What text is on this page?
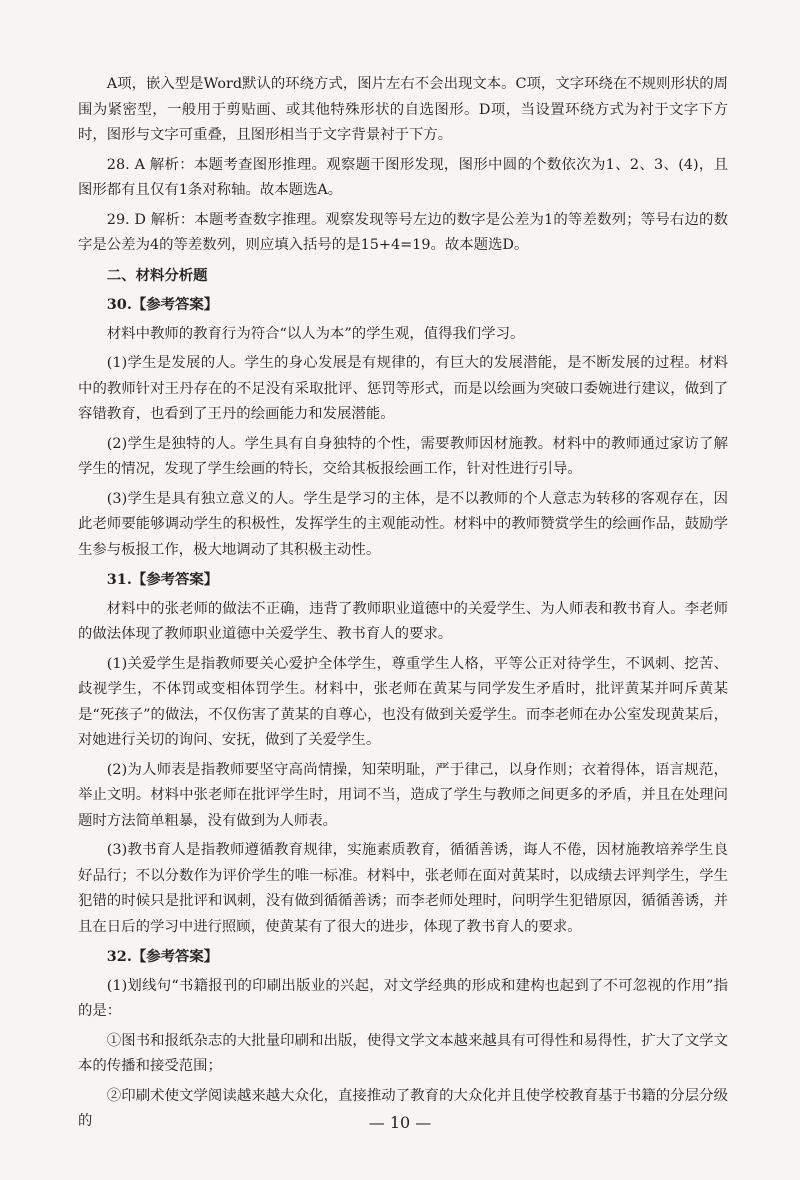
A项，嵌入型是Word默认的环绕方式，图片左右不会出现文本。C项，文字环绕在不规则形状的周围为紧密型，一般用于剪贴画、或其他特殊形状的自选图形。D项，当设置环绕方式为衬于文字下方时，图形与文字可重叠，且图形相当于文字背景衬于下方。

28. A 解析：本题考查图形推理。观察题干图形发现，图形中圆的个数依次为1、2、3、(4)，且图形都有且仅有1条对称轴。故本题选A。

29. D 解析：本题考查数字推理。观察发现等号左边的数字是公差为1的等差数列；等号右边的数字是公差为4的等差数列，则应填入括号的是15+4=19。故本题选D。

二、材料分析题

30.【参考答案】

材料中教师的教育行为符合“以人为本”的学生观，值得我们学习。

(1)学生是发展的人。学生的身心发展是有规律的，有巨大的发展潜能，是不断发展的过程。材料中的教师针对王丹存在的不足没有采取批评、惩罚等形式，而是以绘画为突破口委婉进行建议，做到了容错教育，也看到了王丹的绘画能力和发展潜能。

(2)学生是独特的人。学生具有自身独特的个性，需要教师因材施教。材料中的教师通过家访了解学生的情况，发现了学生绘画的特长，交给其板报绘画工作，针对性进行引导。

(3)学生是具有独立意义的人。学生是学习的主体，是不以教师的个人意志为转移的客观存在，因此老师要能够调动学生的积极性，发挥学生的主观能动性。材料中的教师赞赏学生的绘画作品，鼓励学生参与板报工作，极大地调动了其积极主动性。

31.【参考答案】

材料中的张老师的做法不正确，违背了教师职业道德中的关爱学生、为人师表和教书育人。李老师的做法体现了教师职业道德中关爱学生、教书育人的要求。

(1)关爱学生是指教师要关心爱护全体学生，尊重学生人格，平等公正对待学生，不讽刺、挖苦、歧视学生，不体罚或变相体罚学生。材料中，张老师在黄某与同学发生矛盾时，批评黄某并呵斥黄某是“死孩子”的做法，不仅伤害了黄某的自尊心，也没有做到关爱学生。而李老师在办公室发现黄某后，对她进行关切的询问、安抚，做到了关爱学生。

(2)为人师表是指教师要坚守高尚情操，知荣明耻，严于律己，以身作则；衣着得体，语言规范，举止文明。材料中张老师在批评学生时，用词不当，造成了学生与教师之间更多的矛盾，并且在处理问题时方法简单粗暴，没有做到为人师表。

(3)教书育人是指教师遵循教育规律，实施素质教育，循循善诱，诲人不倦，因材施教培养学生良好品行；不以分数作为评价学生的唯一标准。材料中，张老师在面对黄某时，以成绩去评判学生，学生犯错的时候只是批评和讽刺，没有做到循循善诱；而李老师处理时，问明学生犯错原因，循循善诱，并且在日后的学习中进行照顾，使黄某有了很大的进步，体现了教书育人的要求。

32.【参考答案】

(1)划线句“书籍报刊的印刷出版业的兴起，对文学经典的形成和建构也起到了不可忽视的作用”指的是：

①图书和报纸杂志的大批量印刷和出版，使得文学文本越来越具有可得性和易得性，扩大了文学文本的传播和接受范围；

②印刷术使文学阅读越来越大众化，直接推动了教育的大众化并且使学校教育基于书籍的分层分级的	— 10 —
